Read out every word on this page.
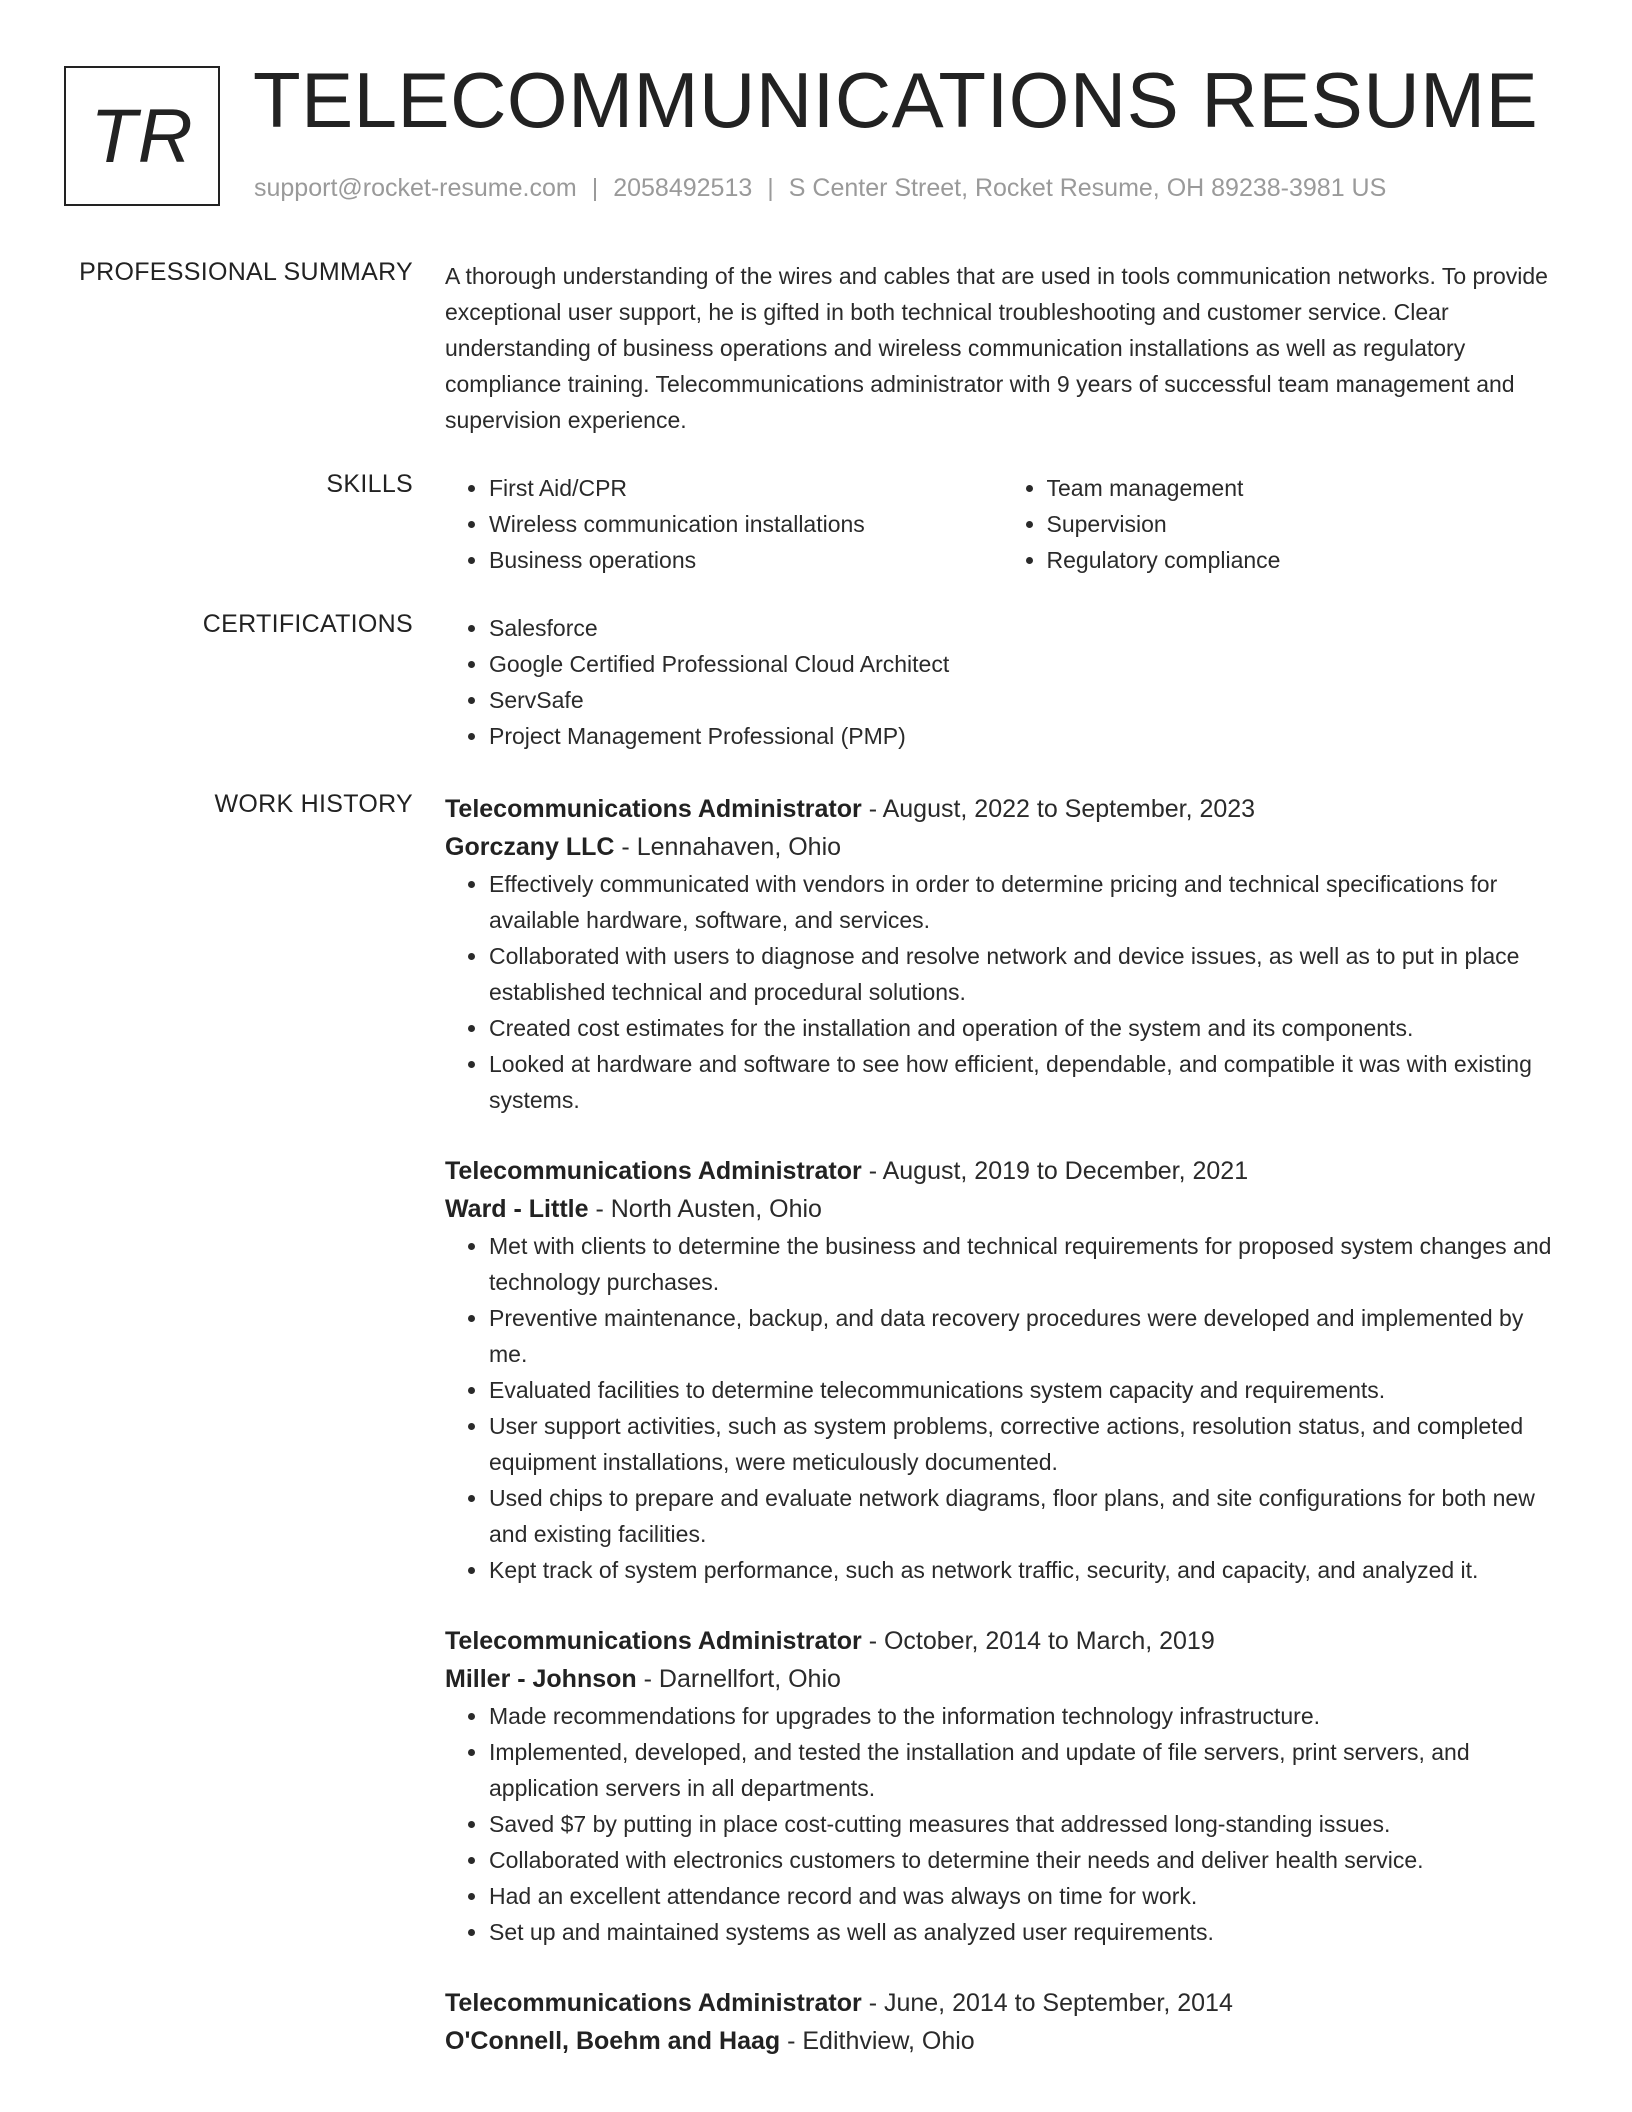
TR TELECOMMUNICATIONS RESUME
support@rocket-resume.com | 2058492513 | S Center Street, Rocket Resume, OH 89238-3981 US
PROFESSIONAL SUMMARY A thorough understanding of the wires and cables that are used in tools communication networks. To provide exceptional user support, he is gifted in both technical troubleshooting and customer service. Clear understanding of business operations and wireless communication installations as well as regulatory compliance training. Telecommunications administrator with 9 years of successful team management and supervision experience.

SKILLS	• First Aid/CPR
• Wireless communication installations
• Business operations
• Team management
• Supervision
• Regulatory compliance
CERTIFICATIONS	• Salesforce
• Google Certified Professional Cloud Architect
• ServSafe
• Project Management Professional (PMP)
WORK HISTORY Telecommunications Administrator - August, 2022 to September, 2023
Gorczany LLC - Lennahaven, Ohio
• Effectively communicated with vendors in order to determine pricing and technical specifications for available hardware, software, and services.
• Collaborated with users to diagnose and resolve network and device issues, as well as to put in place established technical and procedural solutions.
• Created cost estimates for the installation and operation of the system and its components.
• Looked at hardware and software to see how efficient, dependable, and compatible it was with existing systems.
Telecommunications Administrator - August, 2019 to December, 2021
Ward - Little - North Austen, Ohio
• Met with clients to determine the business and technical requirements for proposed system changes and technology purchases.
• Preventive maintenance, backup, and data recovery procedures were developed and implemented by me.
• Evaluated facilities to determine telecommunications system capacity and requirements.
• User support activities, such as system problems, corrective actions, resolution status, and completed equipment installations, were meticulously documented.
• Used chips to prepare and evaluate network diagrams, floor plans, and site configurations for both new and existing facilities.
• Kept track of system performance, such as network traffic, security, and capacity, and analyzed it.
Telecommunications Administrator - October, 2014 to March, 2019
Miller - Johnson - Darnellfort, Ohio
• Made recommendations for upgrades to the information technology infrastructure.
• Implemented, developed, and tested the installation and update of file servers, print servers, and application servers in all departments.
• Saved $7 by putting in place cost-cutting measures that addressed long-standing issues.
• Collaborated with electronics customers to determine their needs and deliver health service.
• Had an excellent attendance record and was always on time for work.
• Set up and maintained systems as well as analyzed user requirements.
Telecommunications Administrator - June, 2014 to September, 2014
O'Connell, Boehm and Haag - Edithview, Ohio
